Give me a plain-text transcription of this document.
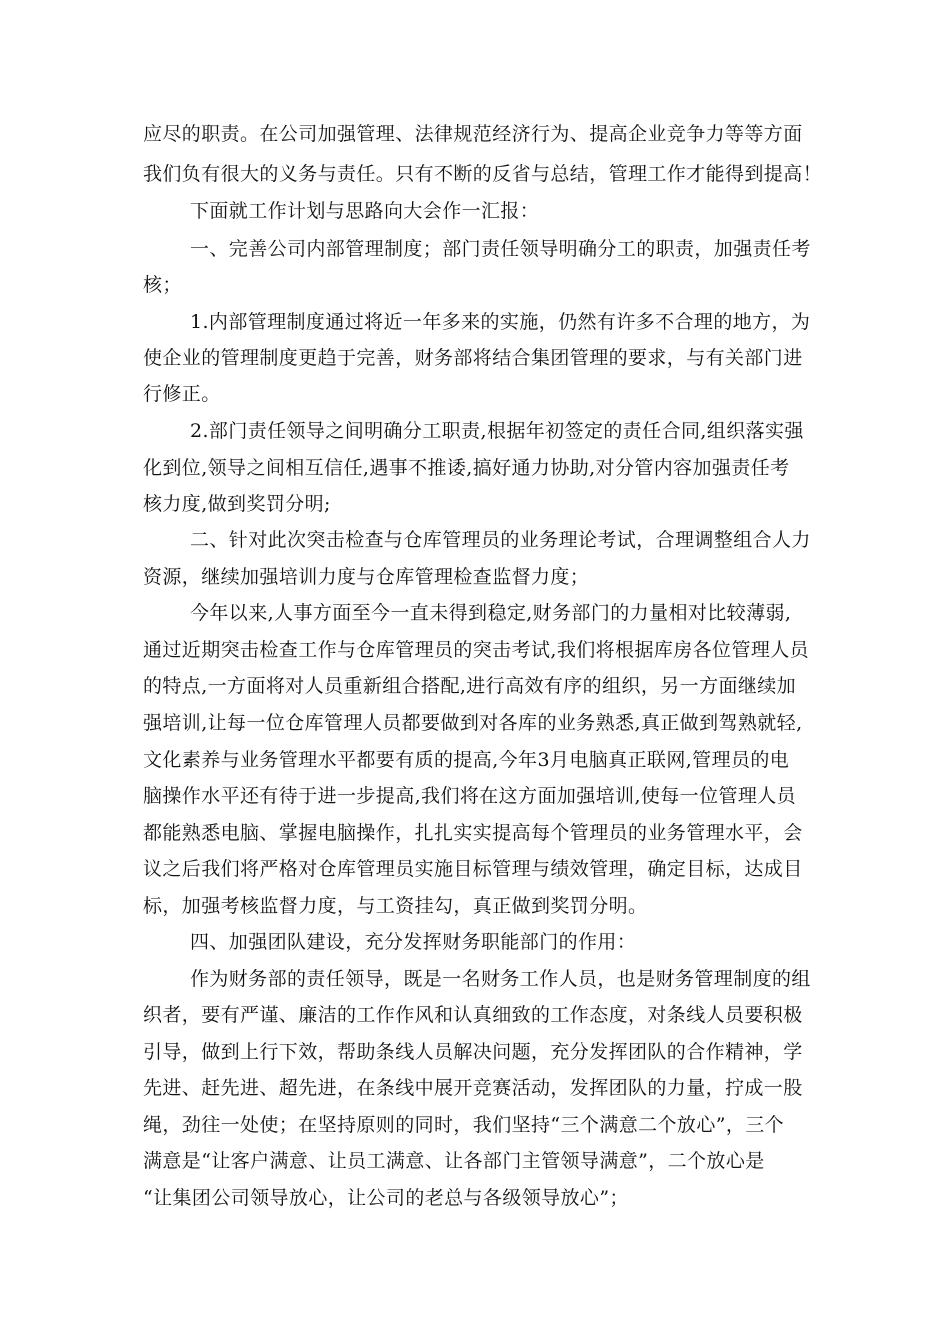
应尽的职责。在公司加强管理、法律规范经济行为、提高企业竞争力等等方面
我们负有很大的义务与责任。只有不断的反省与总结，管理工作才能得到提高！
下面就工作计划与思路向大会作一汇报：
一、完善公司内部管理制度；部门责任领导明确分工的职责，加强责任考
核；
1.内部管理制度通过将近一年多来的实施，仍然有许多不合理的地方，为
使企业的管理制度更趋于完善，财务部将结合集团管理的要求，与有关部门进
行修正。
2.部门责任领导之间明确分工职责,根据年初签定的责任合同,组织落实强
化到位,领导之间相互信任,遇事不推诿,搞好通力协助,对分管内容加强责任考
核力度,做到奖罚分明;
二、针对此次突击检查与仓库管理员的业务理论考试，合理调整组合人力
资源，继续加强培训力度与仓库管理检查监督力度；
今年以来,人事方面至今一直未得到稳定,财务部门的力量相对比较薄弱,
通过近期突击检查工作与仓库管理员的突击考试,我们将根据库房各位管理人员
的特点,一方面将对人员重新组合搭配,进行高效有序的组织，另一方面继续加
强培训,让每一位仓库管理人员都要做到对各库的业务熟悉,真正做到驾熟就轻,
文化素养与业务管理水平都要有质的提高,今年3月电脑真正联网,管理员的电
脑操作水平还有待于进一步提高,我们将在这方面加强培训,使每一位管理人员
都能熟悉电脑、掌握电脑操作，扎扎实实提高每个管理员的业务管理水平，会
议之后我们将严格对仓库管理员实施目标管理与绩效管理，确定目标，达成目
标，加强考核监督力度，与工资挂勾，真正做到奖罚分明。
四、加强团队建设，充分发挥财务职能部门的作用：
作为财务部的责任领导，既是一名财务工作人员，也是财务管理制度的组
织者，要有严谨、廉洁的工作作风和认真细致的工作态度，对条线人员要积极
引导，做到上行下效，帮助条线人员解决问题，充分发挥团队的合作精神，学
先进、赶先进、超先进，在条线中展开竞赛活动，发挥团队的力量，拧成一股
绳，劲往一处使；在坚持原则的同时，我们坚持“三个满意二个放心”，三个
满意是“让客户满意、让员工满意、让各部门主管领导满意”，二个放心是
“让集团公司领导放心，让公司的老总与各级领导放心”；
